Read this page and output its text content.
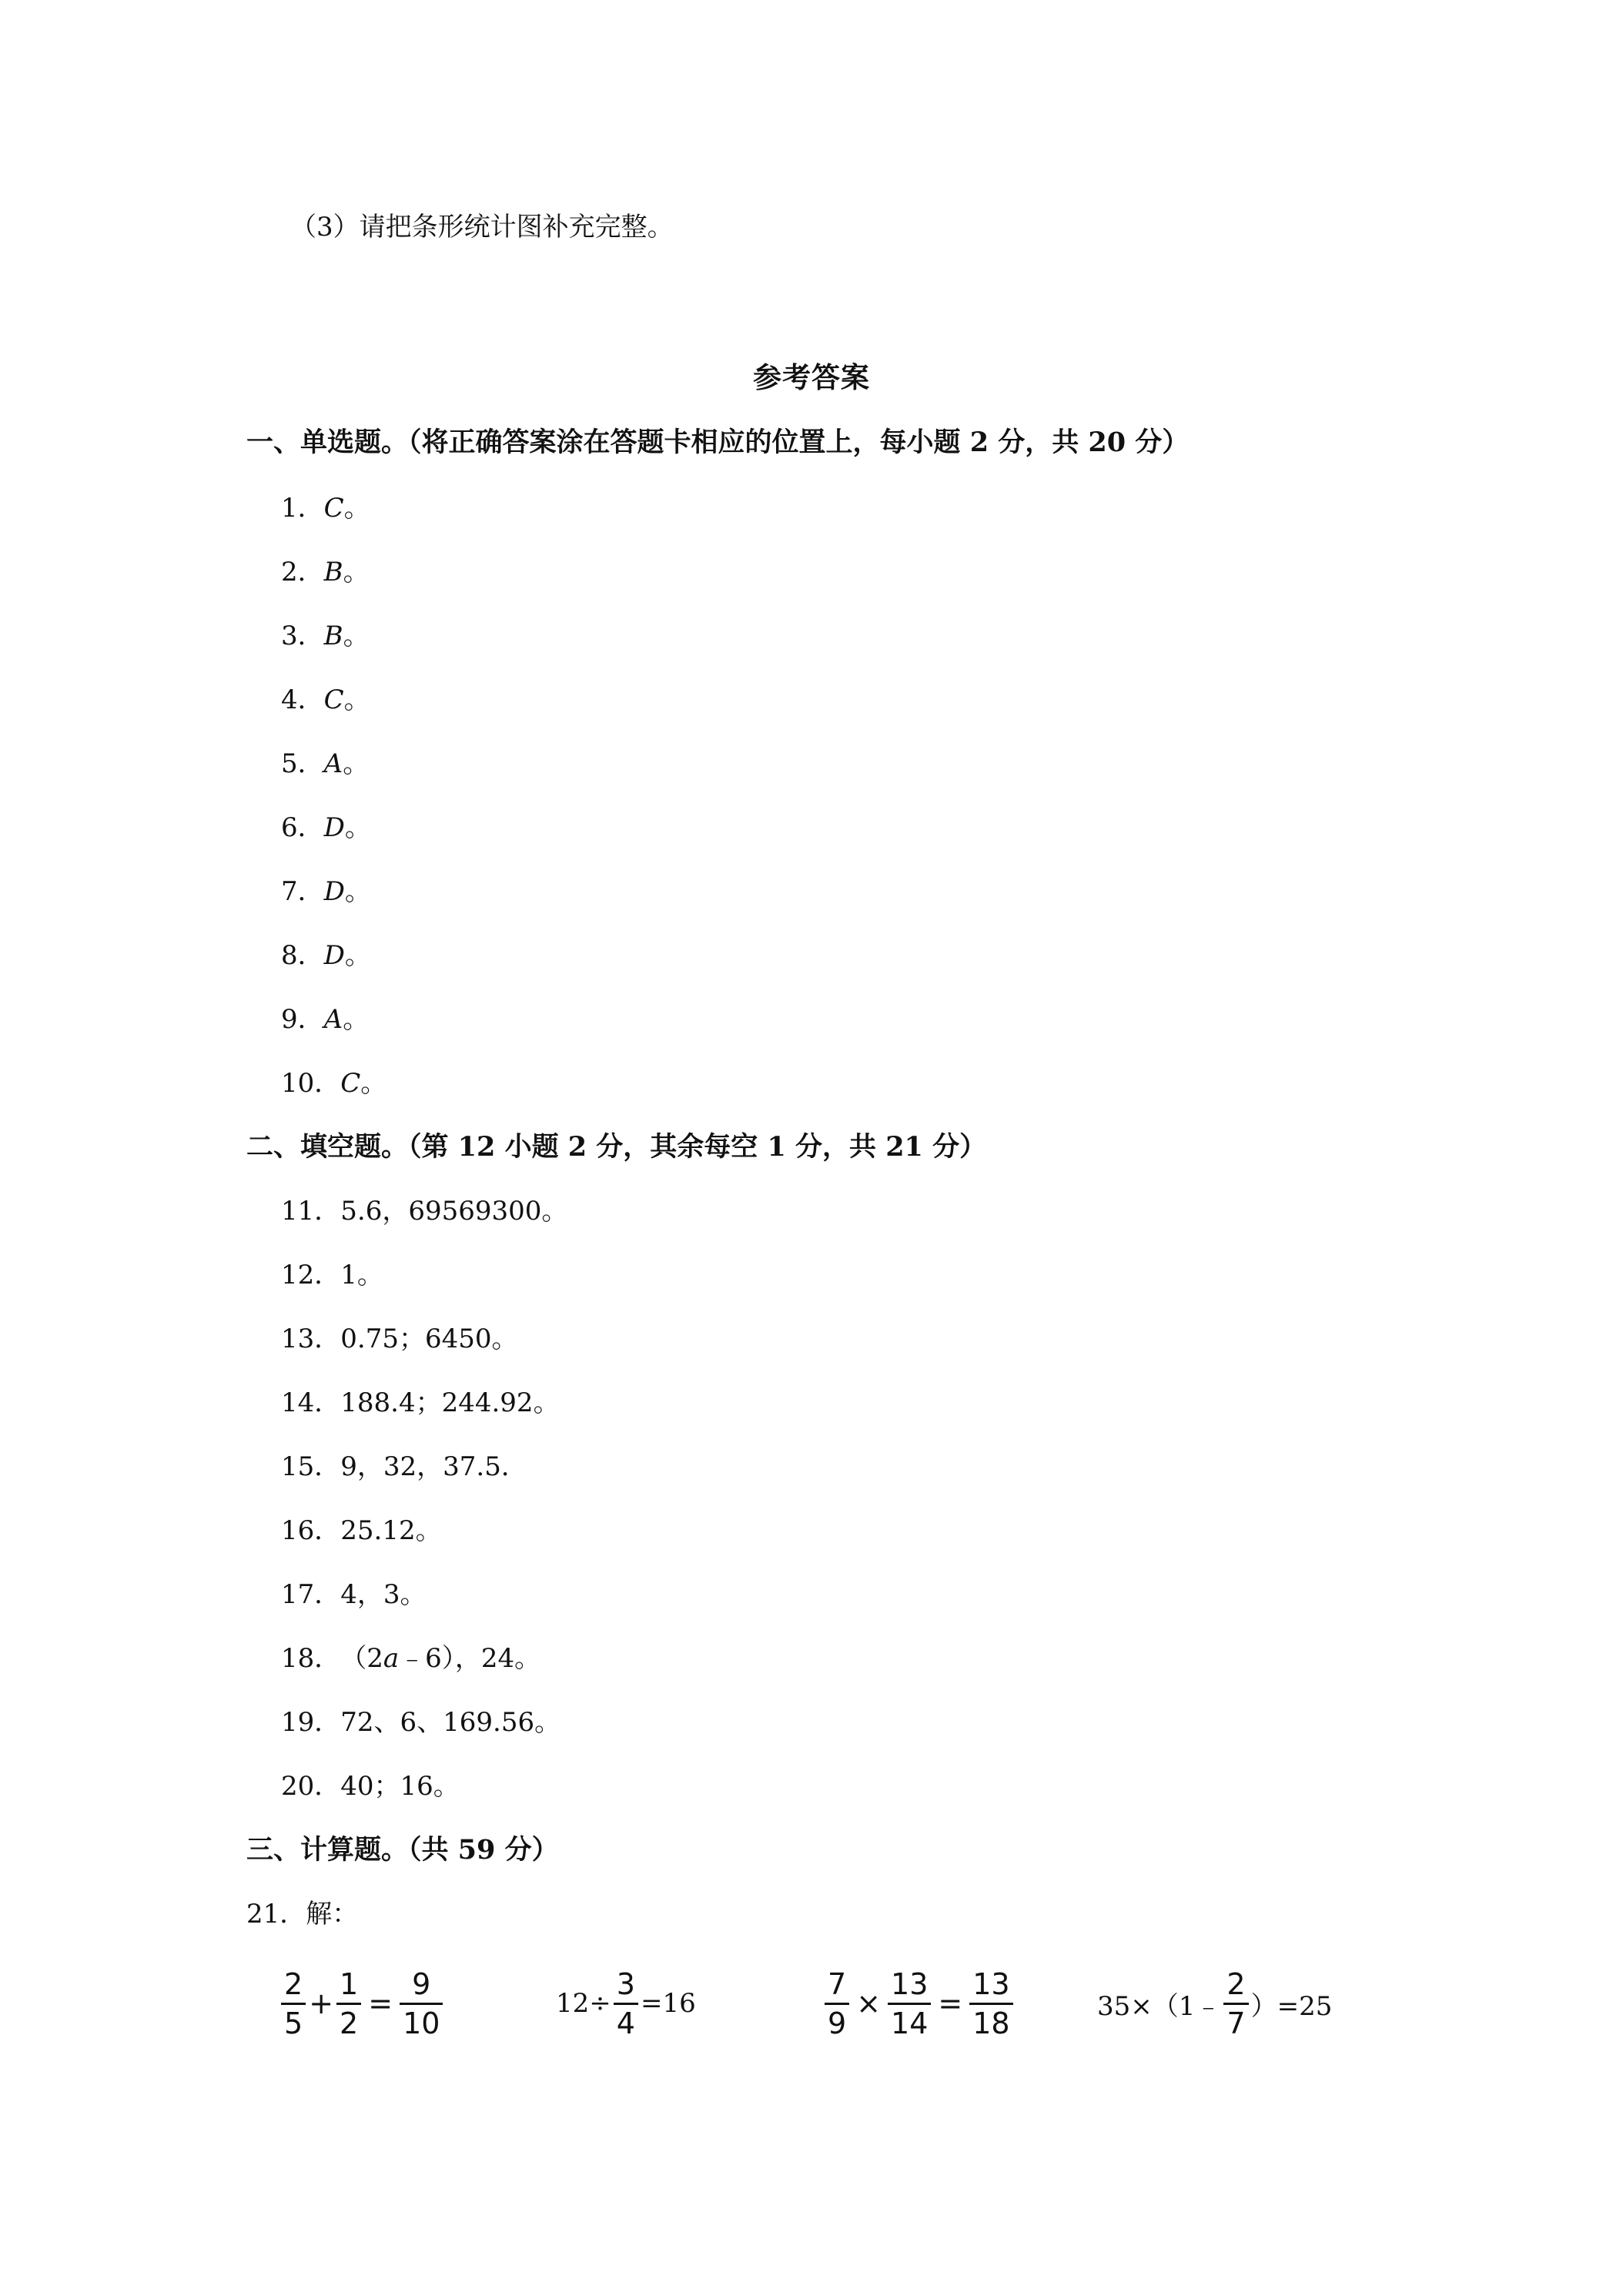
（3）请把条形统计图补充完整。
参考答案
一、单选题。（将正确答案涂在答题卡相应的位置上，每小题 2 分，共 20 分）
1．C。
2．B。
3．B。
4．C。
5．A。
6．D。
7．D。
8．D。
9．A。
10．C。
二、填空题。（第 12 小题 2 分，其余每空 1 分，共 21 分）
11．5.6，69569300。
12．1。
13．0.75；6450。
14．188.4；244.92。
15．9，32，37.5．
16．25.12。
17．4，3。
18．（2a﹣6），24。
19．72、6、169.56。
20．40；16。
三、计算题。（共 59 分）
21．解：
$\frac{2}{5} + \frac{1}{2} = \frac{9}{10}$	$12\div \frac{3}{4} =16$	$\frac{7}{9} \times \frac{13}{14} = \frac{13}{18}$	35×（1﹣ $\frac{2}{7} )=25$
